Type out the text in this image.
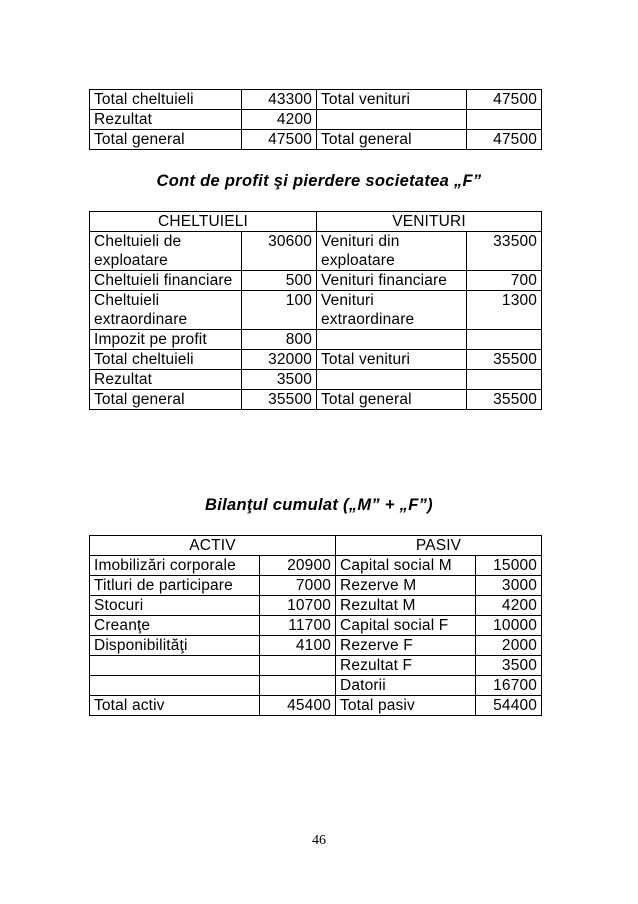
Total cheltuieli	43300	Total venituri	47500
Rezultat	4200		
Total general	47500	Total general	47500
Cont de profit şi pierdere societatea „F”
CHELTUIELI		VENITURI	
Cheltuieli de exploatare	30600	Venituri din exploatare	33500
Cheltuieli financiare	500	Venituri financiare	700
Cheltuieli extraordinare	100	Venituri extraordinare	1300
Impozit pe profit	800		
Total cheltuieli	32000	Total venituri	35500
Rezultat	3500		
Total general	35500	Total general	35500
Bilanţul cumulat („M” + „F”)
ACTIV		PASIV	
Imobilizări corporale	20900	Capital social M	15000
Titluri de participare	7000	Rezerve M	3000
Stocuri	10700	Rezultat M	4200
Creanţe	11700	Capital social F	10000
Disponibilităţi	4100	Rezerve F	2000
		Rezultat F	3500
		Datorii	16700
Total activ	45400	Total pasiv	54400
46
